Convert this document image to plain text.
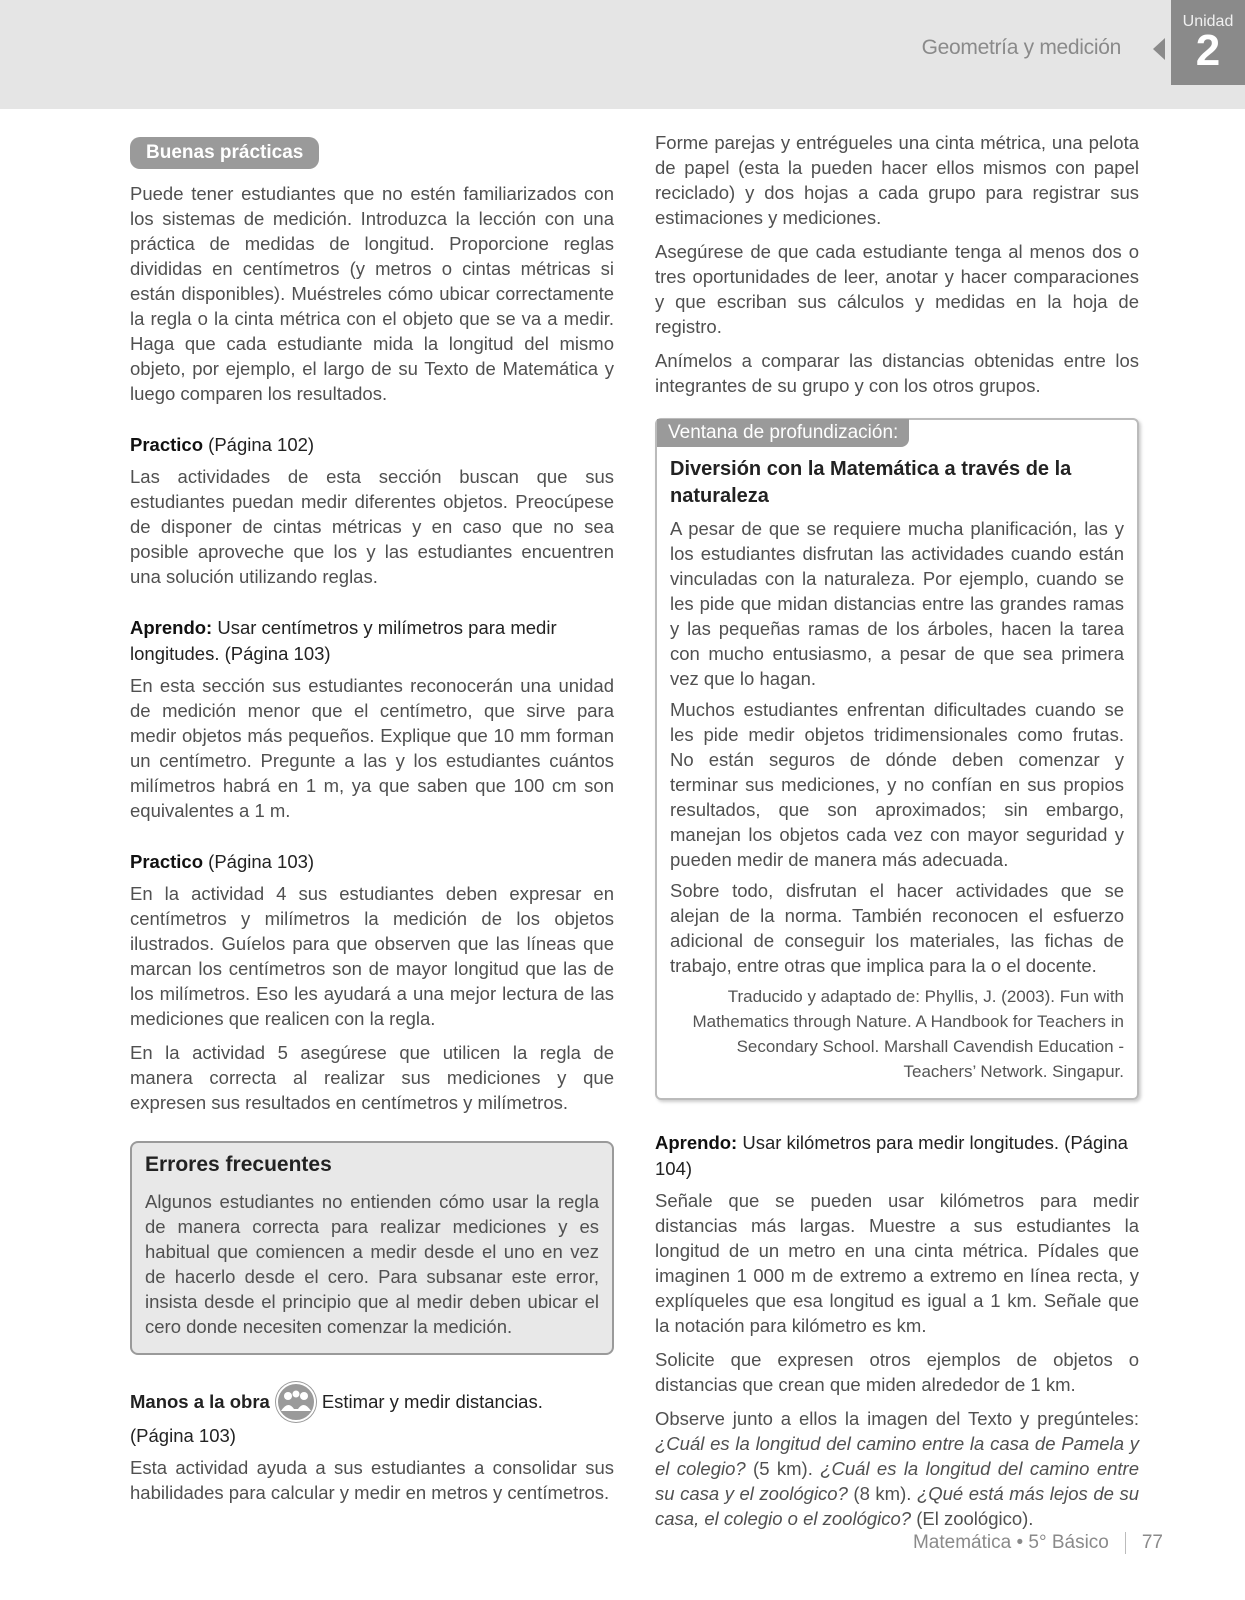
Geometría y medición
Unidad
2
Buenas prácticas

Puede tener estudiantes que no estén familiarizados con los sistemas de medición. Introduzca la lección con una práctica de medidas de longitud. Proporcione reglas divididas en centímetros (y metros o cintas métricas si están disponibles). Muéstreles cómo ubicar correctamente la regla o la cinta métrica con el objeto que se va a medir. Haga que cada estudiante mida la longitud del mismo objeto, por ejemplo, el largo de su Texto de Matemática y luego comparen los resultados.

Practico (Página 102)

Las actividades de esta sección buscan que sus estudiantes puedan medir diferentes objetos. Preocúpese de disponer de cintas métricas y en caso que no sea posible aproveche que los y las estudiantes encuentren una solución utilizando reglas.

Aprendo: Usar centímetros y milímetros para medir longitudes. (Página 103)

En esta sección sus estudiantes reconocerán una unidad de medición menor que el centímetro, que sirve para medir objetos más pequeños. Explique que 10 mm forman un centímetro. Pregunte a las y los estudiantes cuántos milímetros habrá en 1 m, ya que saben que 100 cm son equivalentes a 1 m.

Practico (Página 103)

En la actividad 4 sus estudiantes deben expresar en centímetros y milímetros la medición de los objetos ilustrados. Guíelos para que observen que las líneas que marcan los centímetros son de mayor longitud que las de los milímetros. Eso les ayudará a una mejor lectura de las mediciones que realicen con la regla.

En la actividad 5 asegúrese que utilicen la regla de manera correcta al realizar sus mediciones y que expresen sus resultados en centímetros y milímetros.

Errores frecuentes

Algunos estudiantes no entienden cómo usar la regla de manera correcta para realizar mediciones y es habitual que comiencen a medir desde el uno en vez de hacerlo desde el cero. Para subsanar este error, insista desde el principio que al medir deben ubicar el cero donde necesiten comenzar la medición.

Manos a la obra	Estimar y medir distancias.
(Página 103)

Esta actividad ayuda a sus estudiantes a consolidar sus habilidades para calcular y medir en metros y centímetros.

Forme parejas y entrégueles una cinta métrica, una pelota de papel (esta la pueden hacer ellos mismos con papel reciclado) y dos hojas a cada grupo para registrar sus estimaciones y mediciones.

Asegúrese de que cada estudiante tenga al menos dos o tres oportunidades de leer, anotar y hacer comparaciones y que escriban sus cálculos y medidas en la hoja de registro.

Anímelos a comparar las distancias obtenidas entre los integrantes de su grupo y con los otros grupos.

Ventana de profundización:
Diversión con la Matemática a través de la naturaleza

A pesar de que se requiere mucha planificación, las y los estudiantes disfrutan las actividades cuando están vinculadas con la naturaleza. Por ejemplo, cuando se les pide que midan distancias entre las grandes ramas y las pequeñas ramas de los árboles, hacen la tarea con mucho entusiasmo, a pesar de que sea primera vez que lo hagan.

Muchos estudiantes enfrentan dificultades cuando se les pide medir objetos tridimensionales como frutas. No están seguros de dónde deben comenzar y terminar sus mediciones, y no confían en sus propios resultados, que son aproximados; sin embargo, manejan los objetos cada vez con mayor seguridad y pueden medir de manera más adecuada.

Sobre todo, disfrutan el hacer actividades que se alejan de la norma. También reconocen el esfuerzo adicional de conseguir los materiales, las fichas de trabajo, entre otras que implica para la o el docente.

Traducido y adaptado de: Phyllis, J. (2003). Fun with Mathematics through Nature. A Handbook for Teachers in Secondary School. Marshall Cavendish Education - Teachers’ Network. Singapur.

Aprendo: Usar kilómetros para medir longitudes. (Página 104)

Señale que se pueden usar kilómetros para medir distancias más largas. Muestre a sus estudiantes la longitud de un metro en una cinta métrica. Pídales que imaginen 1 000 m de extremo a extremo en línea recta, y explíqueles que esa longitud es igual a 1 km. Señale que la notación para kilómetro es km.

Solicite que expresen otros ejemplos de objetos o distancias que crean que miden alrededor de 1 km.

Observe junto a ellos la imagen del Texto y pregúnteles: ¿Cuál es la longitud del camino entre la casa de Pamela y el colegio? (5 km). ¿Cuál es la longitud del camino entre su casa y el zoológico? (8 km). ¿Qué está más lejos de su casa, el colegio o el zoológico? (El zoológico).

Matemática • 5° Básico 77
